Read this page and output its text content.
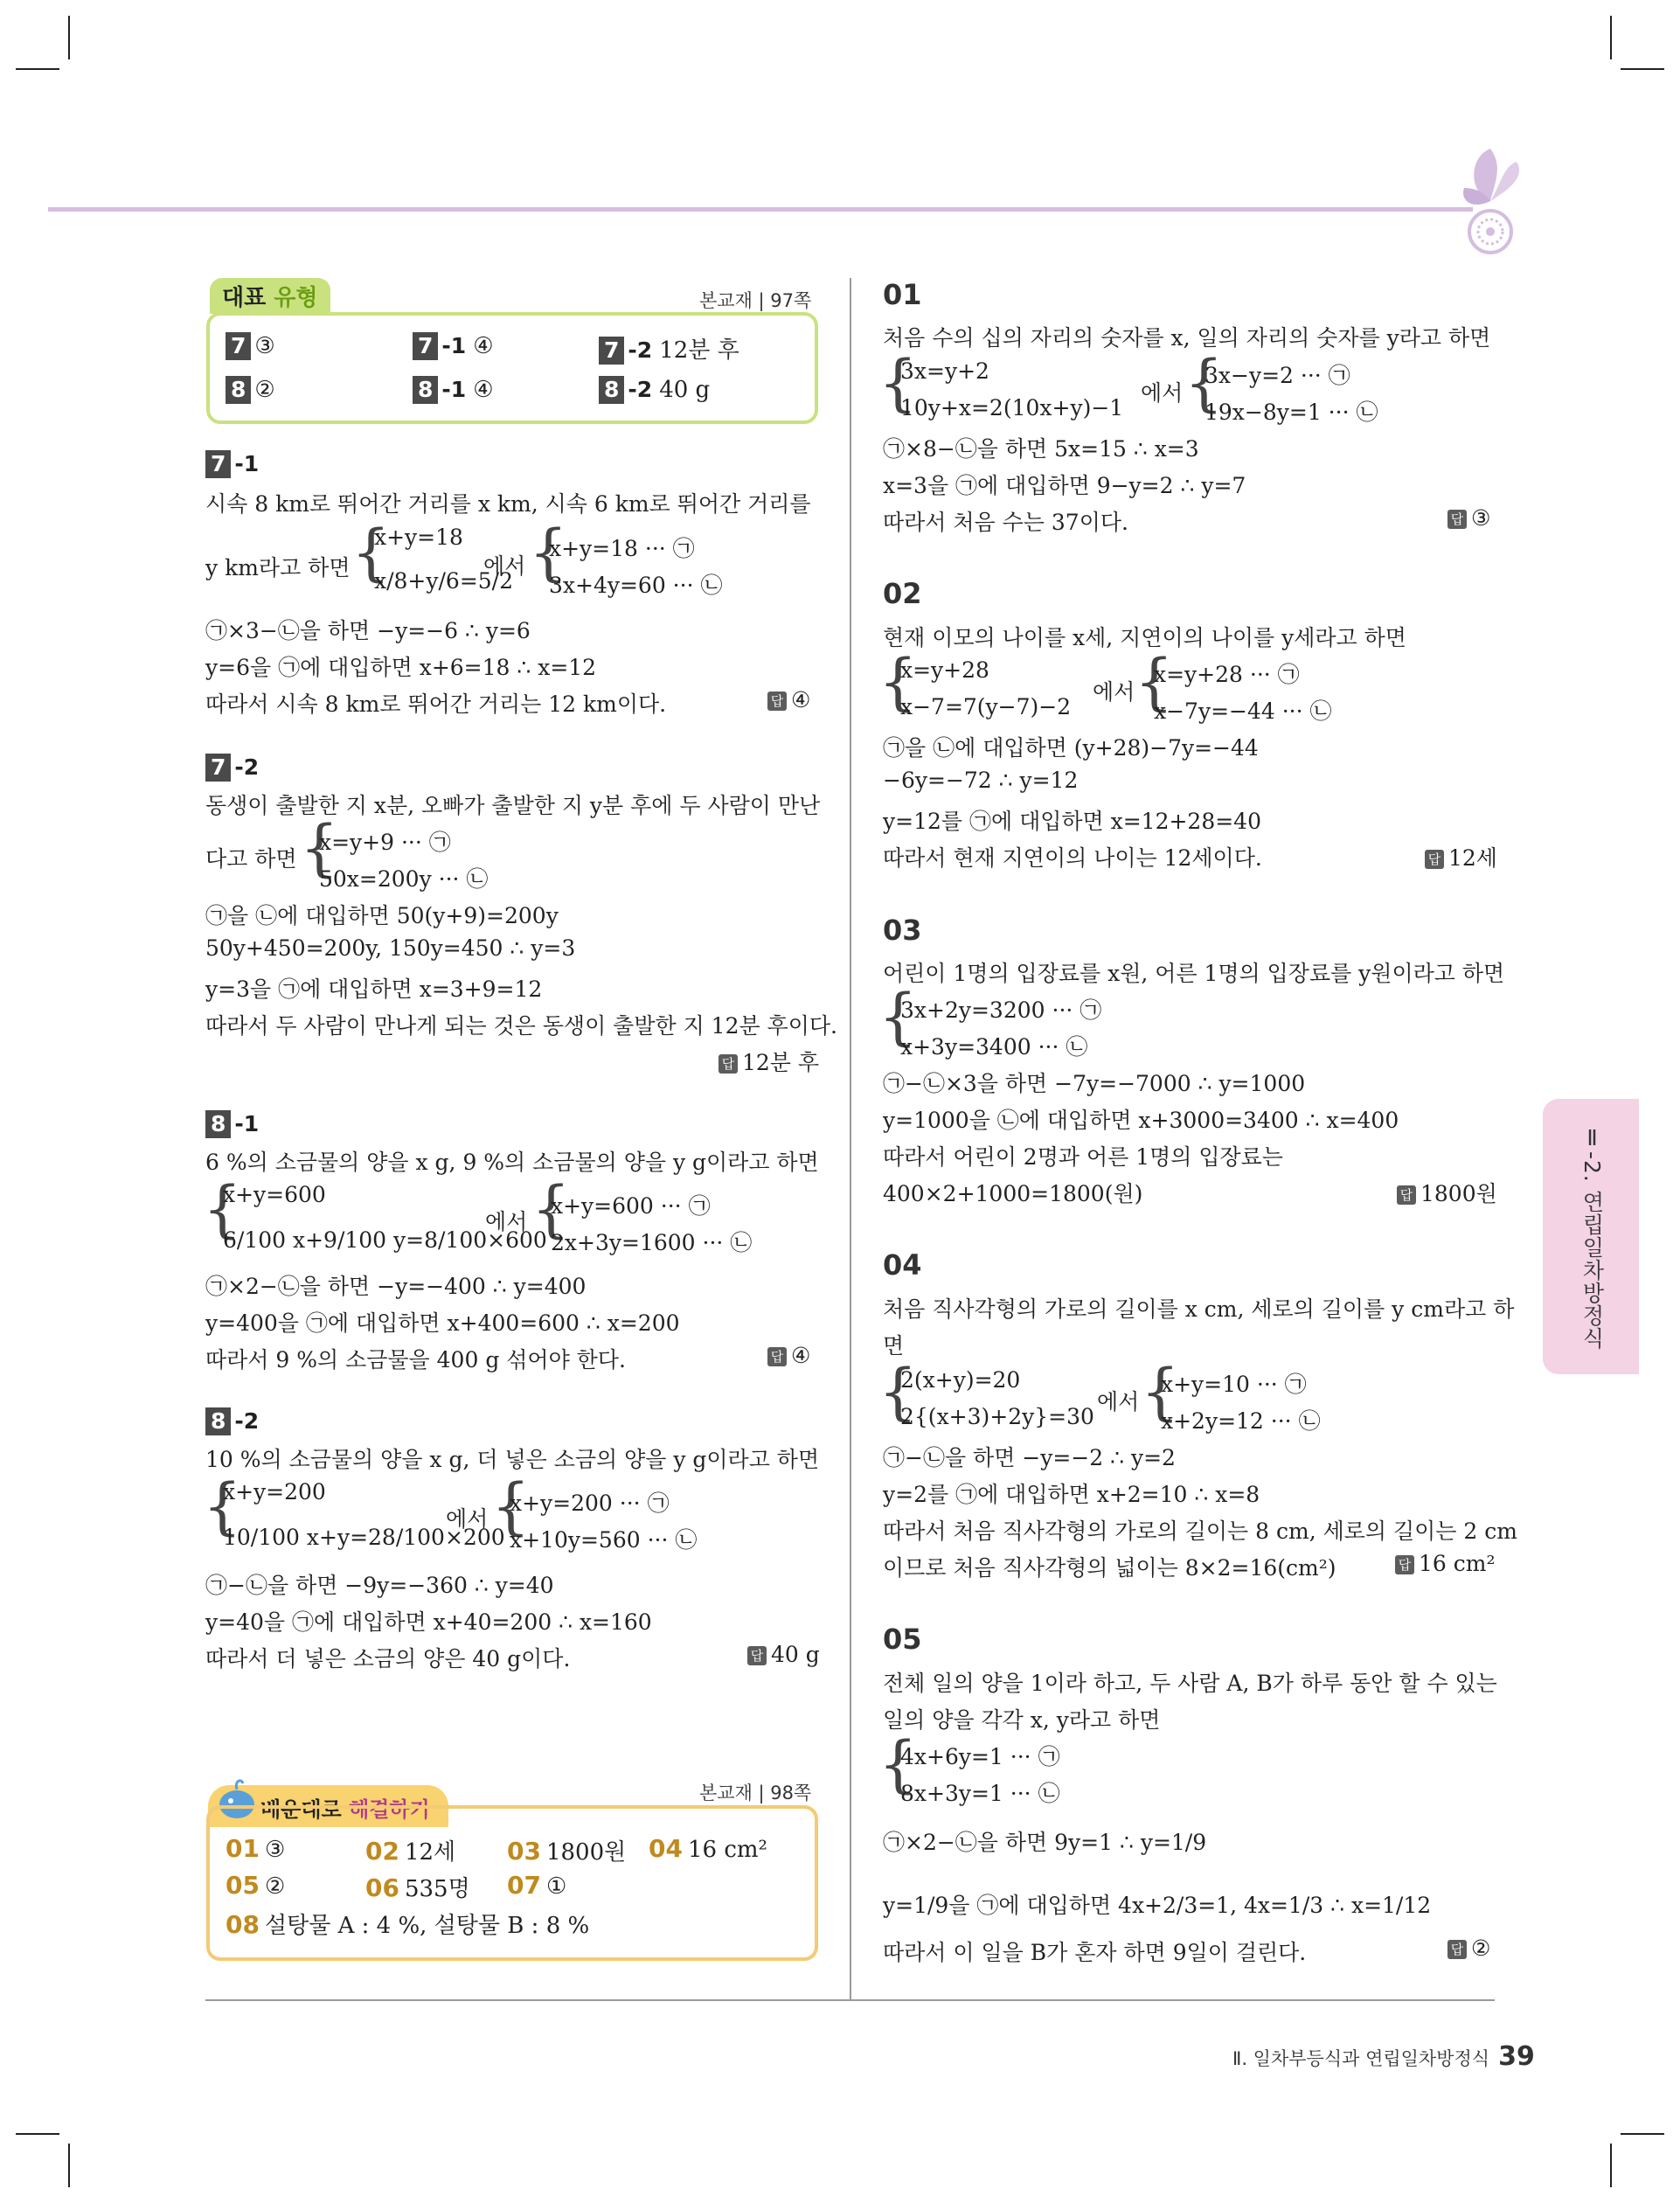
Ⅱ-2. 연립일차방정식
Ⅱ. 일차부등식과 연립일차방정식 39
대표 유형	본교재 | 97쪽
7 ③	7 -1 ④	7 -2 12분 후
8 ②	8 -1 ④	8 -2 40 g
7 -1
시속 8 km로 뛰어간 거리를 x km, 시속 6 km로 뛰어간 거리를
y km라고 하면 {
x+y=18
x/8+y/6=5/2
에서 {
x+y=18 ··· ㉠
3x+4y=60 ··· ㉡
㉠×3−㉡을 하면 −y=−6 ∴ y=6
y=6을 ㉠에 대입하면 x+6=18 ∴ x=12
따라서 시속 8 km로 뛰어간 거리는 12 km이다.	답 ④
7 -2
동생이 출발한 지 x분, 오빠가 출발한 지 y분 후에 두 사람이 만난
다고 하면 {
x=y+9 ··· ㉠
50x=200y ··· ㉡
㉠을 ㉡에 대입하면 50(y+9)=200y
50y+450=200y, 150y=450 ∴ y=3
y=3을 ㉠에 대입하면 x=3+9=12
따라서 두 사람이 만나게 되는 것은 동생이 출발한 지 12분 후이다.
답 12분 후
8 -1
6 %의 소금물의 양을 x g, 9 %의 소금물의 양을 y g이라고 하면
{
x+y=600
6/100 x+9/100 y=8/100×600
에서 {
x+y=600 ··· ㉠
2x+3y=1600 ··· ㉡
㉠×2−㉡을 하면 −y=−400 ∴ y=400
y=400을 ㉠에 대입하면 x+400=600 ∴ x=200
따라서 9 %의 소금물을 400 g 섞어야 한다.	답 ④
8 -2
10 %의 소금물의 양을 x g, 더 넣은 소금의 양을 y g이라고 하면
{
x+y=200
10/100 x+y=28/100×200
에서 {
x+y=200 ··· ㉠
x+10y=560 ··· ㉡
㉠−㉡을 하면 −9y=−360 ∴ y=40
y=40을 ㉠에 대입하면 x+40=200 ∴ x=160
따라서 더 넣은 소금의 양은 40 g이다.	답 40 g
본교재 | 98쪽
배운대로 해결하기
01 ③	02 12세 03 1800원 04 16 cm²
05 ②	06 535명 07 ①
08 설탕물 A : 4 %, 설탕물 B : 8 %
01
처음 수의 십의 자리의 숫자를 x, 일의 자리의 숫자를 y라고 하면
{
3x=y+2
10y+x=2(10x+y)−1
에서 {
3x−y=2 ··· ㉠
19x−8y=1 ··· ㉡
㉠×8−㉡을 하면 5x=15 ∴ x=3
x=3을 ㉠에 대입하면 9−y=2 ∴ y=7
따라서 처음 수는 37이다.	답 ③
02
현재 이모의 나이를 x세, 지연이의 나이를 y세라고 하면
{
x=y+28
x−7=7(y−7)−2
에서 {
x=y+28 ··· ㉠
x−7y=−44 ··· ㉡
㉠을 ㉡에 대입하면 (y+28)−7y=−44
−6y=−72 ∴ y=12
y=12를 ㉠에 대입하면 x=12+28=40
따라서 현재 지연이의 나이는 12세이다.	답 12세
03
어린이 1명의 입장료를 x원, 어른 1명의 입장료를 y원이라고 하면
{
3x+2y=3200 ··· ㉠
x+3y=3400 ··· ㉡
㉠−㉡×3을 하면 −7y=−7000 ∴ y=1000
y=1000을 ㉡에 대입하면 x+3000=3400 ∴ x=400
따라서 어린이 2명과 어른 1명의 입장료는
400×2+1000=1800(원)	답 1800원
04
처음 직사각형의 가로의 길이를 x cm, 세로의 길이를 y cm라고 하
면
{
2(x+y)=20
2{(x+3)+2y}=30
에서 {
x+y=10 ··· ㉠
x+2y=12 ··· ㉡
㉠−㉡을 하면 −y=−2 ∴ y=2
y=2를 ㉠에 대입하면 x+2=10 ∴ x=8
따라서 처음 직사각형의 가로의 길이는 8 cm, 세로의 길이는 2 cm
이므로 처음 직사각형의 넓이는 8×2=16(cm²)	답 16 cm²
05
전체 일의 양을 1이라 하고, 두 사람 A, B가 하루 동안 할 수 있는
일의 양을 각각 x, y라고 하면
{
4x+6y=1 ··· ㉠
8x+3y=1 ··· ㉡
㉠×2−㉡을 하면 9y=1 ∴ y=1/9
y=1/9을 ㉠에 대입하면 4x+2/3=1, 4x=1/3 ∴ x=1/12
따라서 이 일을 B가 혼자 하면 9일이 걸린다.	답 ②
